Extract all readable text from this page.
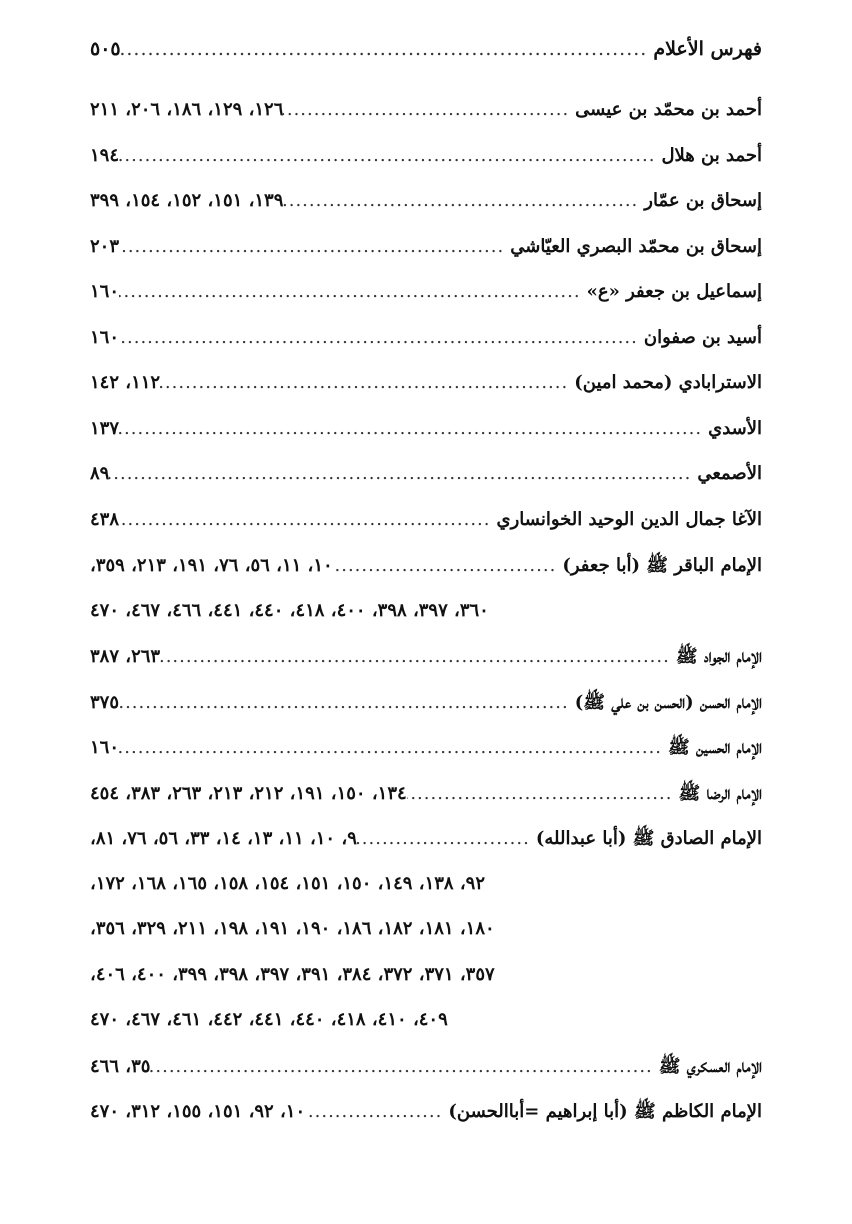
فهرس الأعلام
.....
٥٠٥
أحمد بن محمّد بن عيسى
.....
١٢٦، ١٢٩، ١٨٦، ٢٠٦، ٢١١
أحمد بن هلال
.....
١٩٤
إسحاق بن عمّار
.....
١٣٩، ١٥١، ١٥٢، ١٥٤، ٣٩٩
إسحاق بن محمّد البصري العيّاشي
.....
٢٠٣
إسماعيل بن جعفر «ع»
.....
١٦٠
أسيد بن صفوان
.....
١٦٠
الاسترابادي (محمد امين)
.....
١١٢، ١٤٢
الأسدي
.....
١٣٧
الأصمعي
.....
٨٩
الآغا جمال الدين الوحيد الخوانساري
.....
٤٣٨
الإمام الباقر ﷺ (أبا جعفر)
.....
١٠، ١١، ٥٦، ٧٦، ١٩١، ٢١٣، ٣٥٩،
٣٦٠، ٣٩٧، ٣٩٨، ٤٠٠، ٤١٨، ٤٤٠، ٤٤١، ٤٦٦، ٤٦٧، ٤٧٠
الإمام الجواد ﷺ
.....
٢٦٣، ٣٨٧
الإمام الحسن (الحسن بن علي ﷺ)
.....
٣٧٥
الإمام الحسين ﷺ
.....
١٦٠
الإمام الرضا ﷺ
.....
١٣٤، ١٥٠، ١٩١، ٢١٢، ٢١٣، ٢٦٣، ٣٨٣، ٤٥٤
الإمام الصادق ﷺ (أبا عبدالله)
.....
٩، ١٠، ١١، ١٣، ١٤، ٣٣، ٥٦، ٧٦، ٨١،
٩٢، ١٣٨، ١٤٩، ١٥٠، ١٥١، ١٥٤، ١٥٨، ١٦٥، ١٦٨، ١٧٢،
١٨٠، ١٨١، ١٨٢، ١٨٦، ١٩٠، ١٩١، ١٩٨، ٢١١، ٣٢٩، ٣٥٦،
٣٥٧، ٣٧١، ٣٧٢، ٣٨٤، ٣٩١، ٣٩٧، ٣٩٨، ٣٩٩، ٤٠٠، ٤٠٦،
٤٠٩، ٤١٠، ٤١٨، ٤٤٠، ٤٤١، ٤٤٢، ٤٦١، ٤٦٧، ٤٧٠
الإمام العسكري ﷺ
.....
٣٥، ٤٦٦
الإمام الكاظم ﷺ (أبا إبراهيم =أباالحسن)
.....
١٠، ٩٢، ١٥١، ١٥٥، ٣١٢، ٤٧٠
